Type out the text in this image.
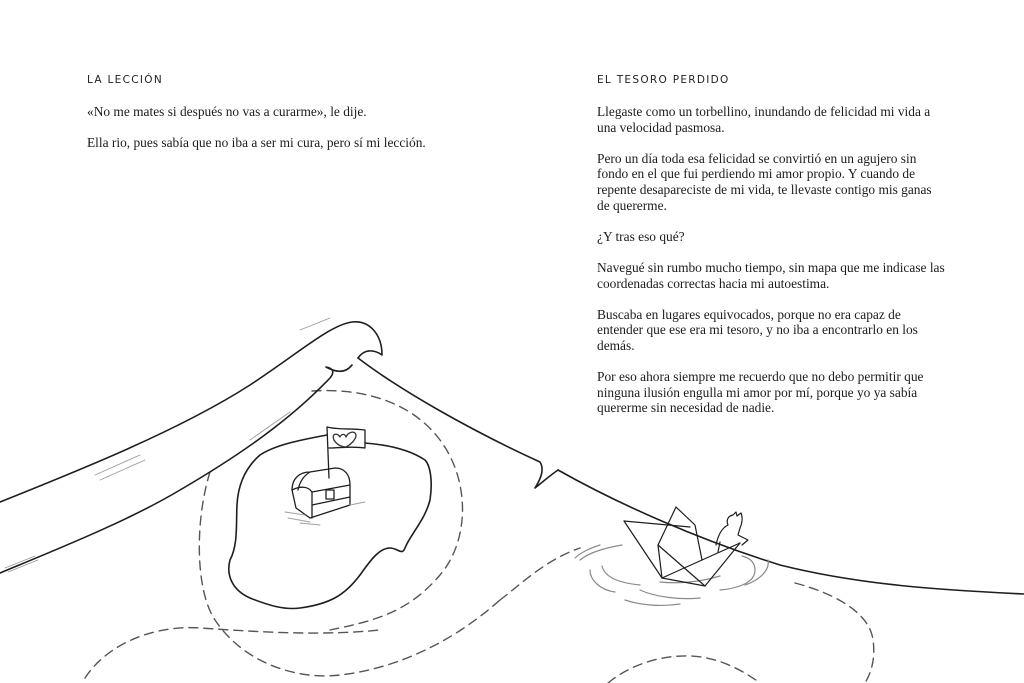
LA LECCIÓN

«No me mates si después no vas a curarme», le dije.

Ella rio, pues sabía que no iba a ser mi cura, pero sí mi lección.

EL TESORO PERDIDO

Llegaste como un torbellino, inundando de felicidad mi vida a una velocidad pasmosa.

Pero un día toda esa felicidad se convirtió en un agujero sin fondo en el que fui perdiendo mi amor propio. Y cuando de repente desapareciste de mi vida, te llevaste contigo mis ganas de quererme.

¿Y tras eso qué?

Navegué sin rumbo mucho tiempo, sin mapa que me indicase las coordenadas correctas hacia mi autoestima.

Buscaba en lugares equivocados, porque no era capaz de entender que ese era mi tesoro, y no iba a encontrarlo en los demás.

Por eso ahora siempre me recuerdo que no debo permitir que ninguna ilusión engulla mi amor por mí, porque yo ya sabía quererme sin necesidad de nadie.
